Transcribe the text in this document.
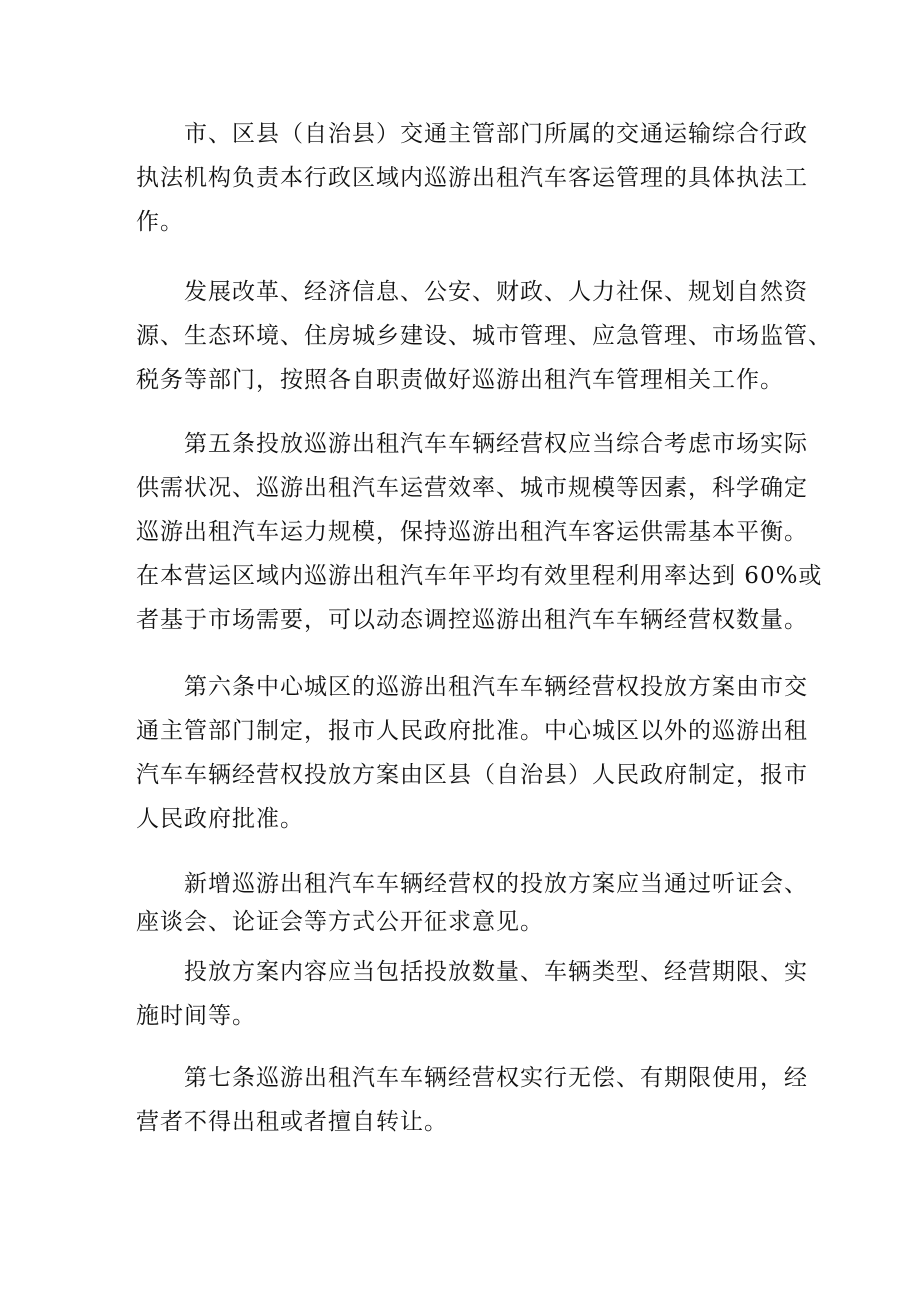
　　市、区县（自治县）交通主管部门所属的交通运输综合行政
执法机构负责本行政区域内巡游出租汽车客运管理的具体执法工
作。
　　发展改革、经济信息、公安、财政、人力社保、规划自然资
源、生态环境、住房城乡建设、城市管理、应急管理、市场监管、
税务等部门，按照各自职责做好巡游出租汽车管理相关工作。
　　第五条投放巡游出租汽车车辆经营权应当综合考虑市场实际
供需状况、巡游出租汽车运营效率、城市规模等因素，科学确定
巡游出租汽车运力规模，保持巡游出租汽车客运供需基本平衡。
在本营运区域内巡游出租汽车年平均有效里程利用率达到 60%或
者基于市场需要，可以动态调控巡游出租汽车车辆经营权数量。
　　第六条中心城区的巡游出租汽车车辆经营权投放方案由市交
通主管部门制定，报市人民政府批准。中心城区以外的巡游出租
汽车车辆经营权投放方案由区县（自治县）人民政府制定，报市
人民政府批准。
　　新增巡游出租汽车车辆经营权的投放方案应当通过听证会、
座谈会、论证会等方式公开征求意见。
　　投放方案内容应当包括投放数量、车辆类型、经营期限、实
施时间等。
　　第七条巡游出租汽车车辆经营权实行无偿、有期限使用，经
营者不得出租或者擅自转让。
